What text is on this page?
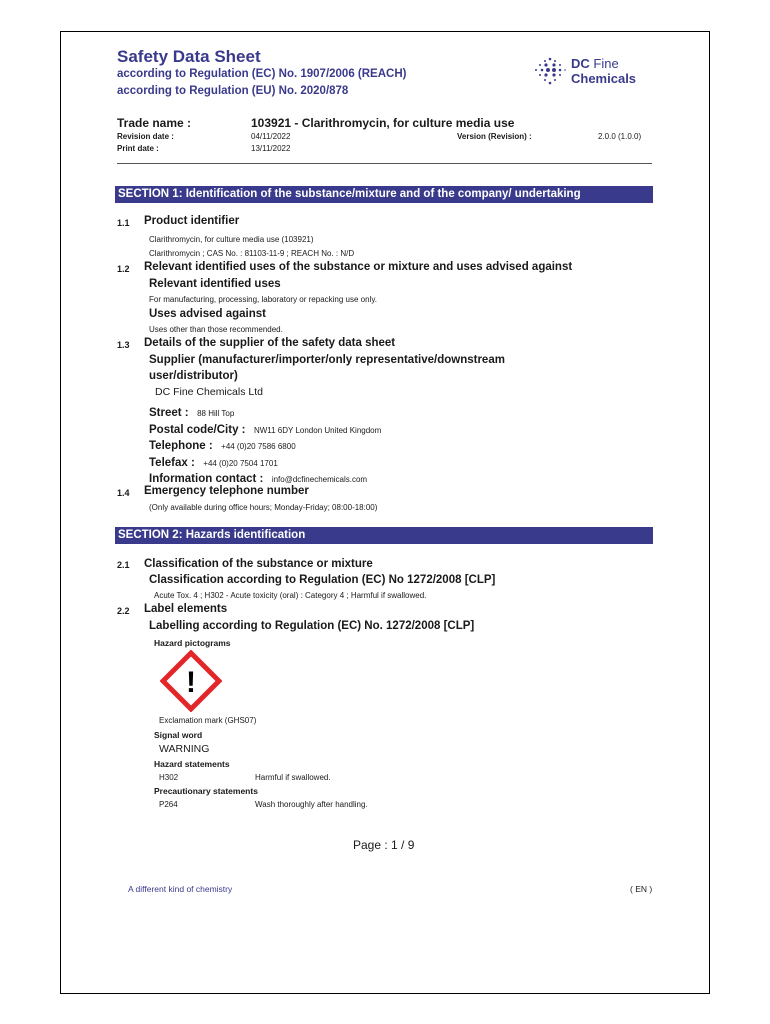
Safety Data Sheet
according to Regulation (EC) No. 1907/2006 (REACH)
according to Regulation (EU) No. 2020/878
DC Fine
Chemicals
Trade name :	103921 - Clarithromycin, for culture media use
Revision date :	04/11/2022	Version (Revision) :	2.0.0 (1.0.0)
Print date :	13/11/2022
SECTION 1: Identification of the substance/mixture and of the company/ undertaking
1.1 Product identifier
Clarithromycin, for culture media use (103921)
Clarithromycin ; CAS No. : 81103-11-9 ; REACH No. : N/D
1.2 Relevant identified uses of the substance or mixture and uses advised against
Relevant identified uses
For manufacturing, processing, laboratory or repacking use only.
Uses advised against
Uses other than those recommended.
1.3 Details of the supplier of the safety data sheet
Supplier (manufacturer/importer/only representative/downstream
user/distributor)
DC Fine Chemicals Ltd
Street : 88 Hill Top
Postal code/City : NW11 6DY London United Kingdom
Telephone : +44 (0)20 7586 6800
Telefax : +44 (0)20 7504 1701
Information contact : info@dcfinechemicals.com
1.4 Emergency telephone number
(Only available during office hours; Monday-Friday; 08:00-18:00)
SECTION 2: Hazards identification
2.1 Classification of the substance or mixture
Classification according to Regulation (EC) No 1272/2008 [CLP]
Acute Tox. 4 ; H302 - Acute toxicity (oral) : Category 4 ; Harmful if swallowed.
2.2 Label elements
Labelling according to Regulation (EC) No. 1272/2008 [CLP]
Hazard pictograms
!
Exclamation mark (GHS07)
Signal word
WARNING
Hazard statements
H302	Harmful if swallowed.
Precautionary statements
P264	Wash thoroughly after handling.
Page : 1 / 9
A different kind of chemistry	( EN )
